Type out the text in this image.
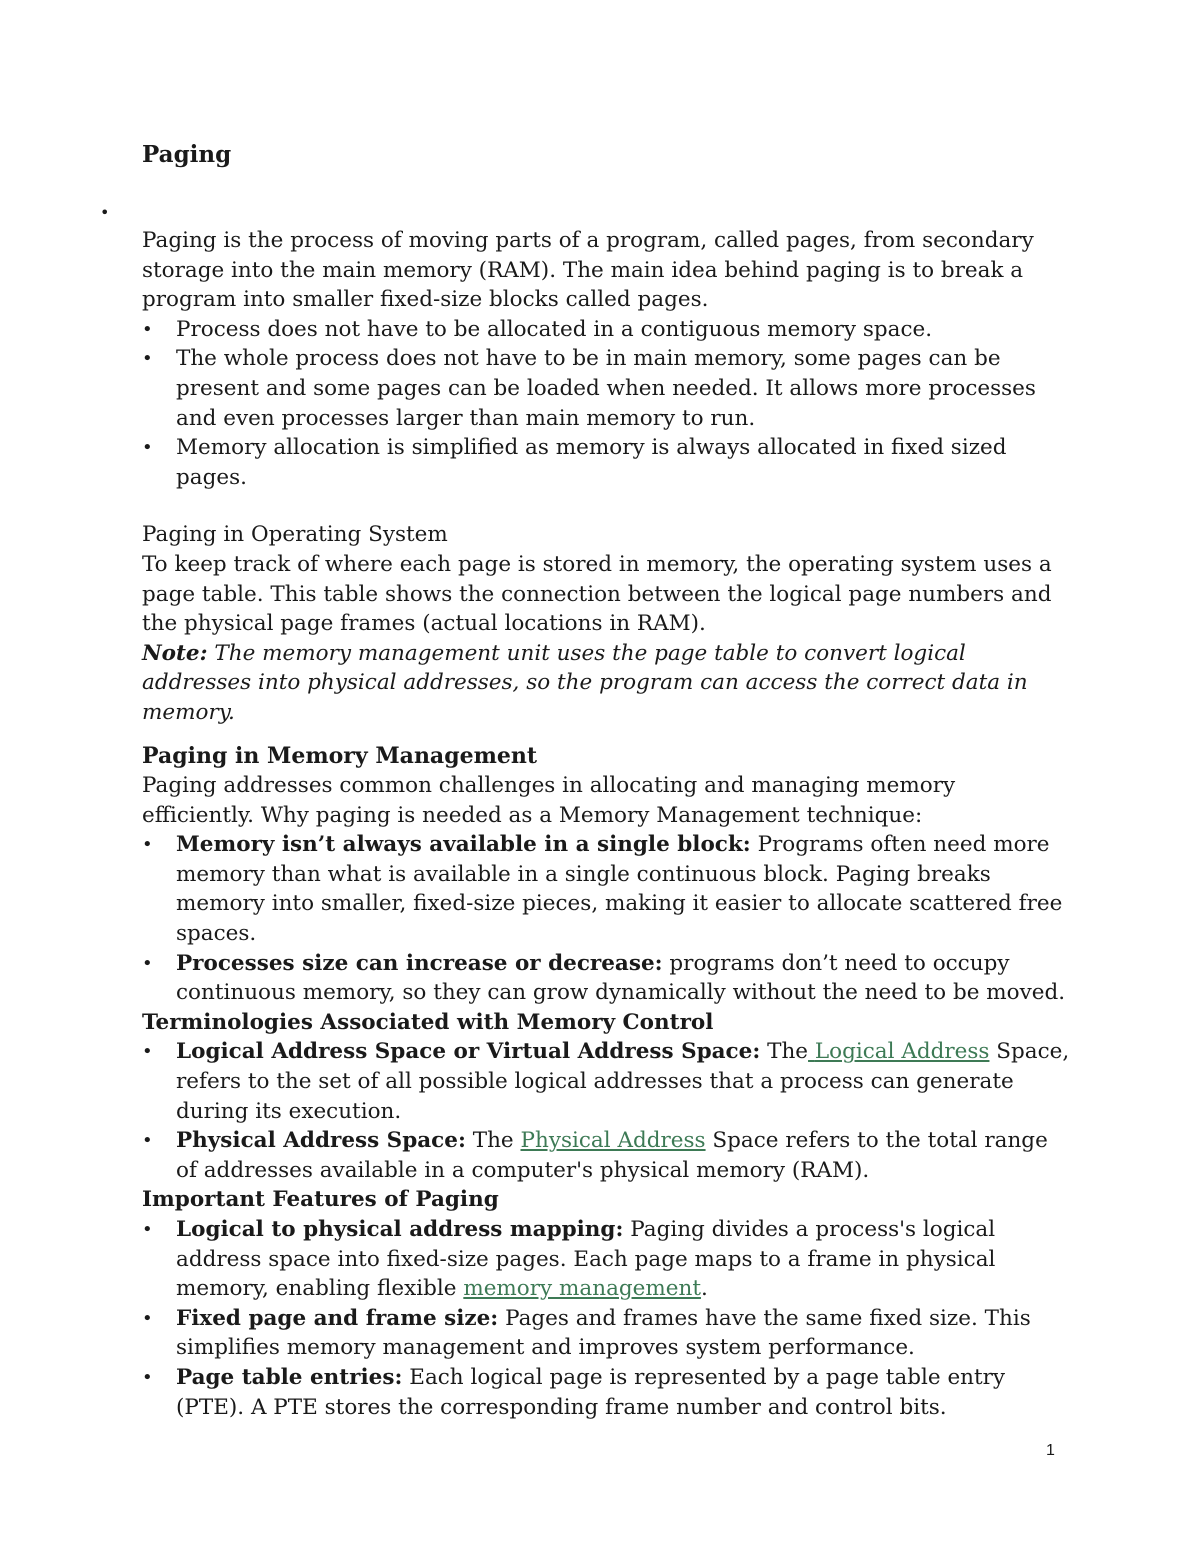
Paging
•

Paging is the process of moving parts of a program, called pages, from secondary storage into the main memory (RAM). The main idea behind paging is to break a program into smaller fixed-size blocks called pages.

• Process does not have to be allocated in a contiguous memory space.
• The whole process does not have to be in main memory, some pages can be present and some pages can be loaded when needed. It allows more processes and even processes larger than main memory to run.
• Memory allocation is simplified as memory is always allocated in fixed sized pages.

Paging in Operating System

To keep track of where each page is stored in memory, the operating system uses a page table. This table shows the connection between the logical page numbers and the physical page frames (actual locations in RAM).

Note: The memory management unit uses the page table to convert logical addresses into physical addresses, so the program can access the correct data in memory.

Paging in Memory Management

Paging addresses common challenges in allocating and managing memory efficiently. Why paging is needed as a Memory Management technique:

• Memory isn’t always available in a single block: Programs often need more memory than what is available in a single continuous block. Paging breaks memory into smaller, fixed-size pieces, making it easier to allocate scattered free spaces.
• Processes size can increase or decrease: programs don’t need to occupy continuous memory, so they can grow dynamically without the need to be moved.

Terminologies Associated with Memory Control

• Logical Address Space or Virtual Address Space: The Logical Address Space, refers to the set of all possible logical addresses that a process can generate during its execution.
• Physical Address Space: The Physical Address Space refers to the total range of addresses available in a computer's physical memory (RAM).

Important Features of Paging

• Logical to physical address mapping: Paging divides a process's logical address space into fixed-size pages. Each page maps to a frame in physical memory, enabling flexible memory management.
• Fixed page and frame size: Pages and frames have the same fixed size. This simplifies memory management and improves system performance.
• Page table entries: Each logical page is represented by a page table entry (PTE). A PTE stores the corresponding frame number and control bits.
1
